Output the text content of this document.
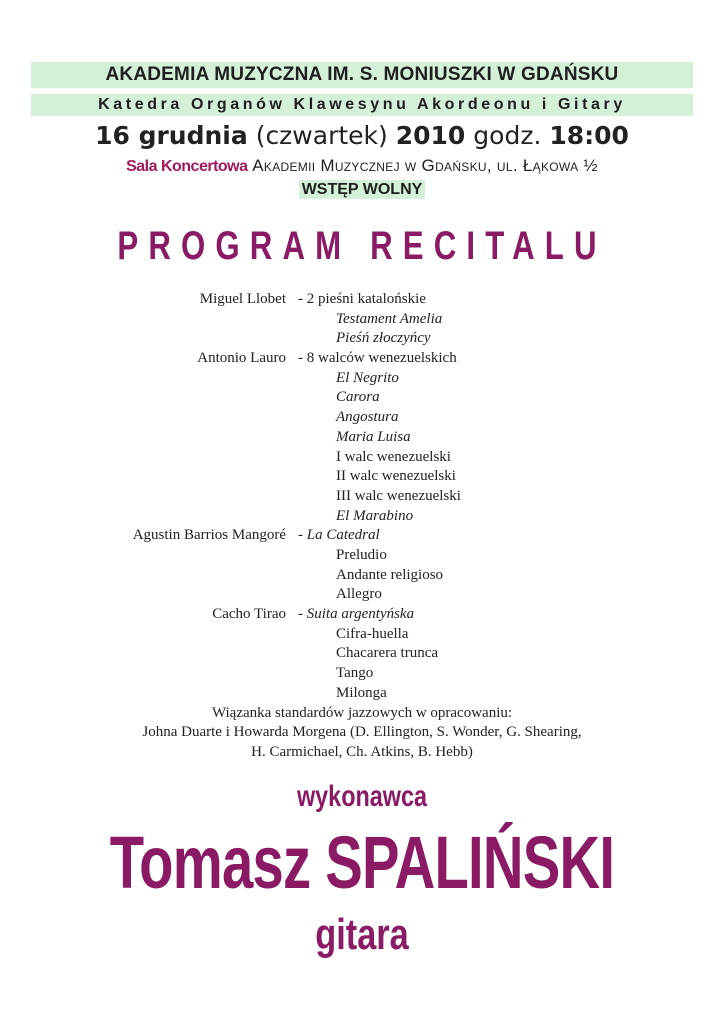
AKADEMIA MUZYCZNA IM. S. MONIUSZKI W GDAŃSKU
Katedra Organów Klawesynu Akordeonu i Gitary
16 grudnia (czwartek) 2010 godz. 18:00
Sala Koncertowa Akademii Muzycznej w Gdańsku, ul. Łąkowa ½
WSTĘP WOLNY
PROGRAM RECITALU
Miguel Llobet - 2 pieśni katalońskie
Testament Amelia
Pieśń złoczyńcy
Antonio Lauro - 8 walców wenezuelskich
El Negrito
Carora
Angostura
Maria Luisa
I walc wenezuelski
II walc wenezuelski
III walc wenezuelski
El Marabino
Agustin Barrios Mangoré - La Catedral
Preludio
Andante religioso
Allegro
Cacho Tirao - Suita argentyńska
Cifra-huella
Chacarera trunca
Tango
Milonga
wykonawca
Tomasz SPALIŃSKI
gitara
Wiązanka standardów jazzowych w opracowaniu:
Johna Duarte i Howarda Morgena (D. Ellington, S. Wonder, G. Shearing,
H. Carmichael, Ch. Atkins, B. Hebb)
